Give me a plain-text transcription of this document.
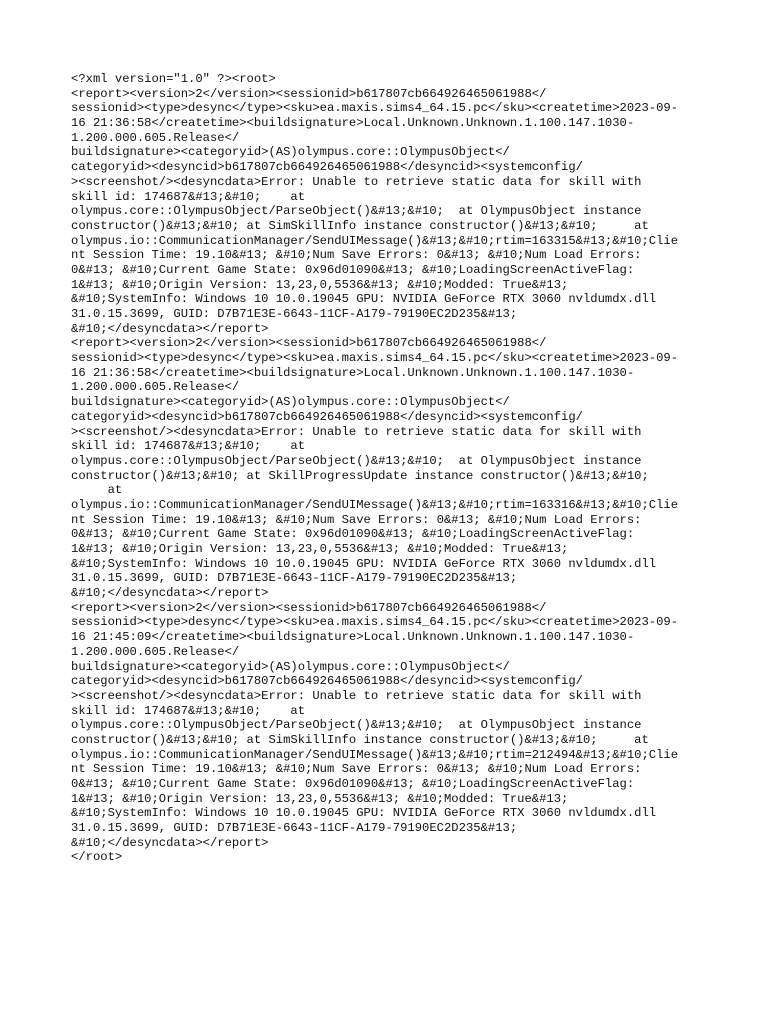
<?xml version="1.0" ?><root>
<report><version>2</version><sessionid>b617807cb664926465061988</
sessionid><type>desync</type><sku>ea.maxis.sims4_64.15.pc</sku><createtime>2023-09-
16 21:36:58</createtime><buildsignature>Local.Unknown.Unknown.1.100.147.1030-
1.200.000.605.Release</
buildsignature><categoryid>(AS)olympus.core::OlympusObject</
categoryid><desyncid>b617807cb664926465061988</desyncid><systemconfig/
><screenshot/><desyncdata>Error: Unable to retrieve static data for skill with
skill id: 174687&#13;&#10;    at
olympus.core::OlympusObject/ParseObject()&#13;&#10;  at OlympusObject instance
constructor()&#13;&#10; at SimSkillInfo instance constructor()&#13;&#10;     at
olympus.io::CommunicationManager/SendUIMessage()&#13;&#10;rtim=163315&#13;&#10;Clie
nt Session Time: 19.10&#13; &#10;Num Save Errors: 0&#13; &#10;Num Load Errors:
0&#13; &#10;Current Game State: 0x96d01090&#13; &#10;LoadingScreenActiveFlag:
1&#13; &#10;Origin Version: 13,23,0,5536&#13; &#10;Modded: True&#13;
&#10;SystemInfo: Windows 10 10.0.19045 GPU: NVIDIA GeForce RTX 3060 nvldumdx.dll
31.0.15.3699, GUID: D7B71E3E-6643-11CF-A179-79190EC2D235&#13;
&#10;</desyncdata></report>
<report><version>2</version><sessionid>b617807cb664926465061988</
sessionid><type>desync</type><sku>ea.maxis.sims4_64.15.pc</sku><createtime>2023-09-
16 21:36:58</createtime><buildsignature>Local.Unknown.Unknown.1.100.147.1030-
1.200.000.605.Release</
buildsignature><categoryid>(AS)olympus.core::OlympusObject</
categoryid><desyncid>b617807cb664926465061988</desyncid><systemconfig/
><screenshot/><desyncdata>Error: Unable to retrieve static data for skill with
skill id: 174687&#13;&#10;    at
olympus.core::OlympusObject/ParseObject()&#13;&#10;  at OlympusObject instance
constructor()&#13;&#10; at SkillProgressUpdate instance constructor()&#13;&#10;
at
olympus.io::CommunicationManager/SendUIMessage()&#13;&#10;rtim=163316&#13;&#10;Clie
nt Session Time: 19.10&#13; &#10;Num Save Errors: 0&#13; &#10;Num Load Errors:
0&#13; &#10;Current Game State: 0x96d01090&#13; &#10;LoadingScreenActiveFlag:
1&#13; &#10;Origin Version: 13,23,0,5536&#13; &#10;Modded: True&#13;
&#10;SystemInfo: Windows 10 10.0.19045 GPU: NVIDIA GeForce RTX 3060 nvldumdx.dll
31.0.15.3699, GUID: D7B71E3E-6643-11CF-A179-79190EC2D235&#13;
&#10;</desyncdata></report>
<report><version>2</version><sessionid>b617807cb664926465061988</
sessionid><type>desync</type><sku>ea.maxis.sims4_64.15.pc</sku><createtime>2023-09-
16 21:45:09</createtime><buildsignature>Local.Unknown.Unknown.1.100.147.1030-
1.200.000.605.Release</
buildsignature><categoryid>(AS)olympus.core::OlympusObject</
categoryid><desyncid>b617807cb664926465061988</desyncid><systemconfig/
><screenshot/><desyncdata>Error: Unable to retrieve static data for skill with
skill id: 174687&#13;&#10;    at
olympus.core::OlympusObject/ParseObject()&#13;&#10;  at OlympusObject instance
constructor()&#13;&#10; at SimSkillInfo instance constructor()&#13;&#10;     at
olympus.io::CommunicationManager/SendUIMessage()&#13;&#10;rtim=212494&#13;&#10;Clie
nt Session Time: 19.10&#13; &#10;Num Save Errors: 0&#13; &#10;Num Load Errors:
0&#13; &#10;Current Game State: 0x96d01090&#13; &#10;LoadingScreenActiveFlag:
1&#13; &#10;Origin Version: 13,23,0,5536&#13; &#10;Modded: True&#13;
&#10;SystemInfo: Windows 10 10.0.19045 GPU: NVIDIA GeForce RTX 3060 nvldumdx.dll
31.0.15.3699, GUID: D7B71E3E-6643-11CF-A179-79190EC2D235&#13;
&#10;</desyncdata></report>
</root>
